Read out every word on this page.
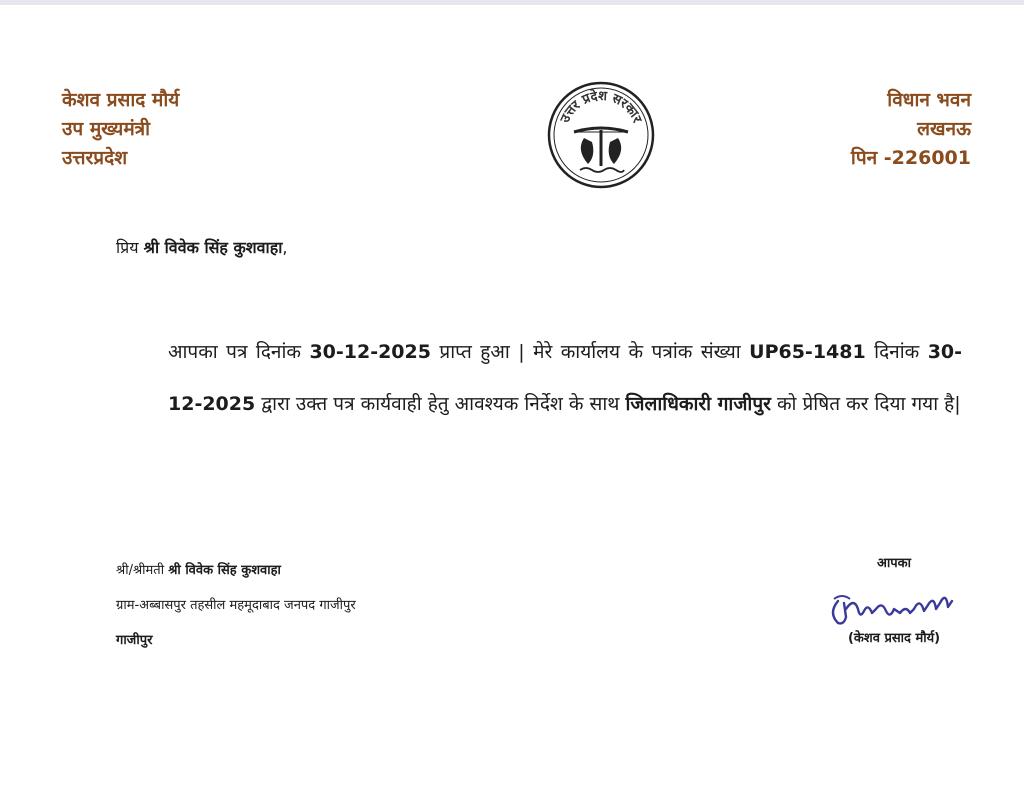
केशव प्रसाद मौर्य
उप मुख्यमंत्री
उत्तरप्रदेश
उत्तर प्रदेश सरकार
विधान भवन
लखनऊ
पिन -226001
प्रिय श्री विवेक सिंह कुशवाहा,
आपका पत्र दिनांक 30-12-2025 प्राप्त हुआ | मेरे कार्यालय के पत्रांक संख्या UP65-1481 दिनांक 30-12-2025 द्वारा उक्त पत्र कार्यवाही हेतु आवश्यक निर्देश के साथ जिलाधिकारी गाजीपुर को प्रेषित कर दिया गया है|
श्री/श्रीमती श्री विवेक सिंह कुशवाहा
ग्राम-अब्बासपुर तहसील महमूदाबाद जनपद गाजीपुर
गाजीपुर
आपका
(केशव प्रसाद मौर्य)
